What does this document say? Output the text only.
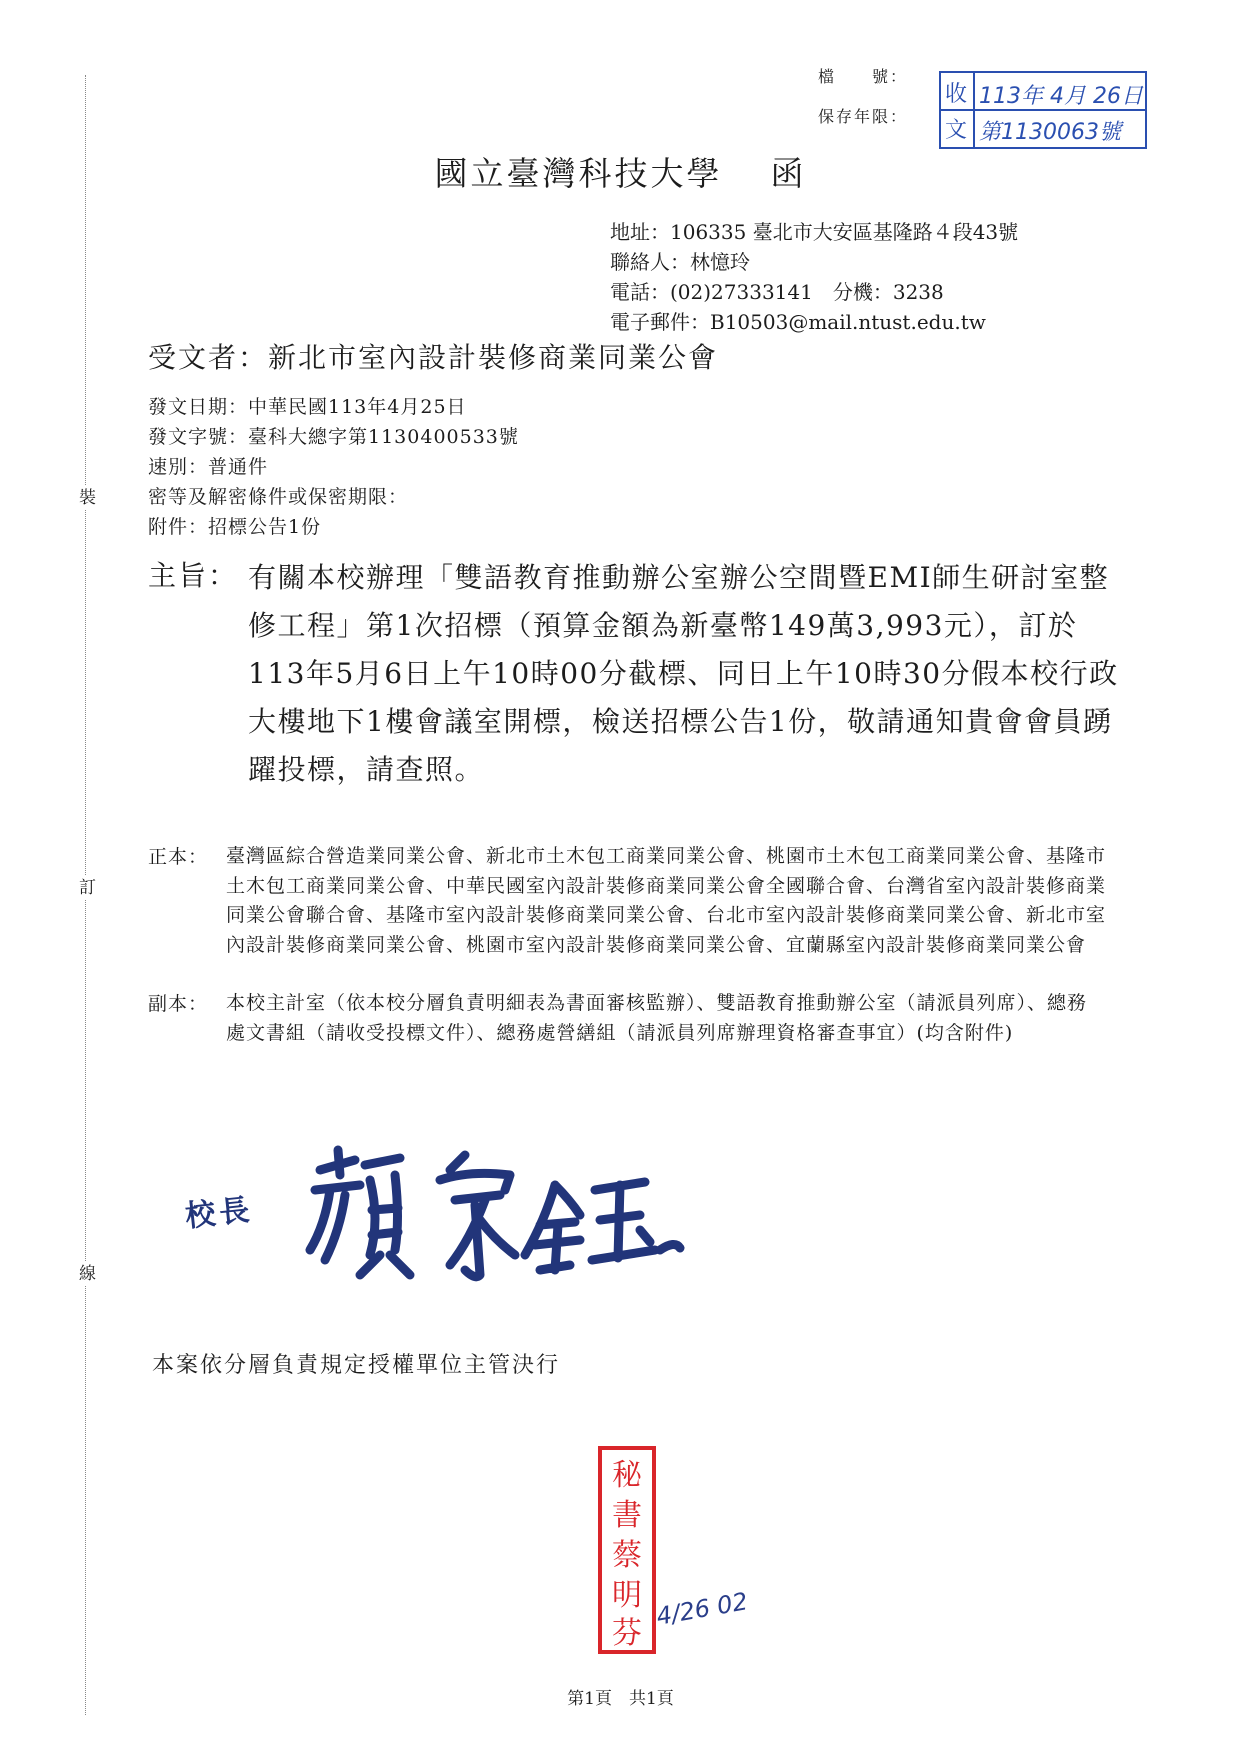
裝
訂
線
檔　　號：
保存年限：
收
文
113年 4月 26日
第1130063號
國立臺灣科技大學 函
地址：106335 臺北市大安區基隆路４段43號
聯絡人：林憶玲
電話：(02)27333141　分機：3238
電子郵件：B10503@mail.ntust.edu.tw
受文者：新北市室內設計裝修商業同業公會
發文日期：中華民國113年4月25日
發文字號：臺科大總字第1130400533號
速別：普通件
密等及解密條件或保密期限：
附件：招標公告1份
主旨： 有關本校辦理「雙語教育推動辦公室辦公空間暨EMI師生研討室整修工程」第1次招標（預算金額為新臺幣149萬3,993元），訂於113年5月6日上午10時00分截標、同日上午10時30分假本校行政大樓地下1樓會議室開標，檢送招標公告1份，敬請通知貴會會員踴躍投標，請查照。
正本： 臺灣區綜合營造業同業公會、新北市土木包工商業同業公會、桃園市土木包工商業同業公會、基隆市土木包工商業同業公會、中華民國室內設計裝修商業同業公會全國聯合會、台灣省室內設計裝修商業同業公會聯合會、基隆市室內設計裝修商業同業公會、台北市室內設計裝修商業同業公會、新北市室內設計裝修商業同業公會、桃園市室內設計裝修商業同業公會、宜蘭縣室內設計裝修商業同業公會
副本： 本校主計室（依本校分層負責明細表為書面審核監辦）、雙語教育推動辦公室（請派員列席）、總務處文書組（請收受投標文件）、總務處營繕組（請派員列席辦理資格審查事宜）(均含附件)
校長
本案依分層負責規定授權單位主管決行
秘
書
蔡
明
芬
4/26 02
第1頁　共1頁
